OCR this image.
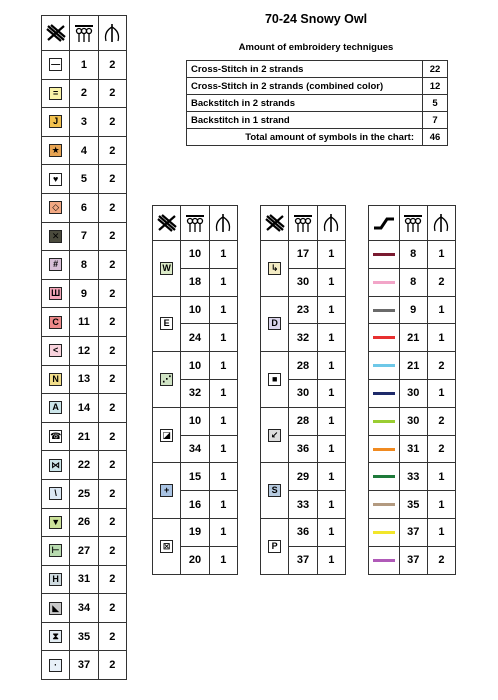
70-24 Snowy Owl
Amount of embroidery technigues
Cross-Stitch in 2 strands	22
Cross-Stitch in 2 strands (combined color)	12
Backstitch in 2 strands	5
Backstitch in 1 strand	7
Total amount of symbols in the chart:	46

—	1	2
=	2	2
J	3	2
★	4	2
♥	5	2
◇	6	2
✕	7	2
#	8	2
Ш	9	2
C	11	2
<	12	2
N	13	2
A	14	2
☎	21	2
⋈	22	2
\	25	2
▼	26	2
⊢	27	2
H	31	2
◣	34	2
⧗	35	2
·	37	2

W	10	1
	18	1
E	10	1
	24	1
⋰	10	1
	32	1
◪	10	1
	34	1
+	15	1
	16	1
⊠	19	1
	20	1

↳	17	1
	30	1
D	23	1
	32	1
■	28	1
	30	1
↙	28	1
	36	1
S	29	1
	33	1
P	36	1
	37	1

	8	1
	8	2
	9	1
	21	1
	21	2
	30	1
	30	2
	31	2
	33	1
	35	1
	37	1
	37	2
